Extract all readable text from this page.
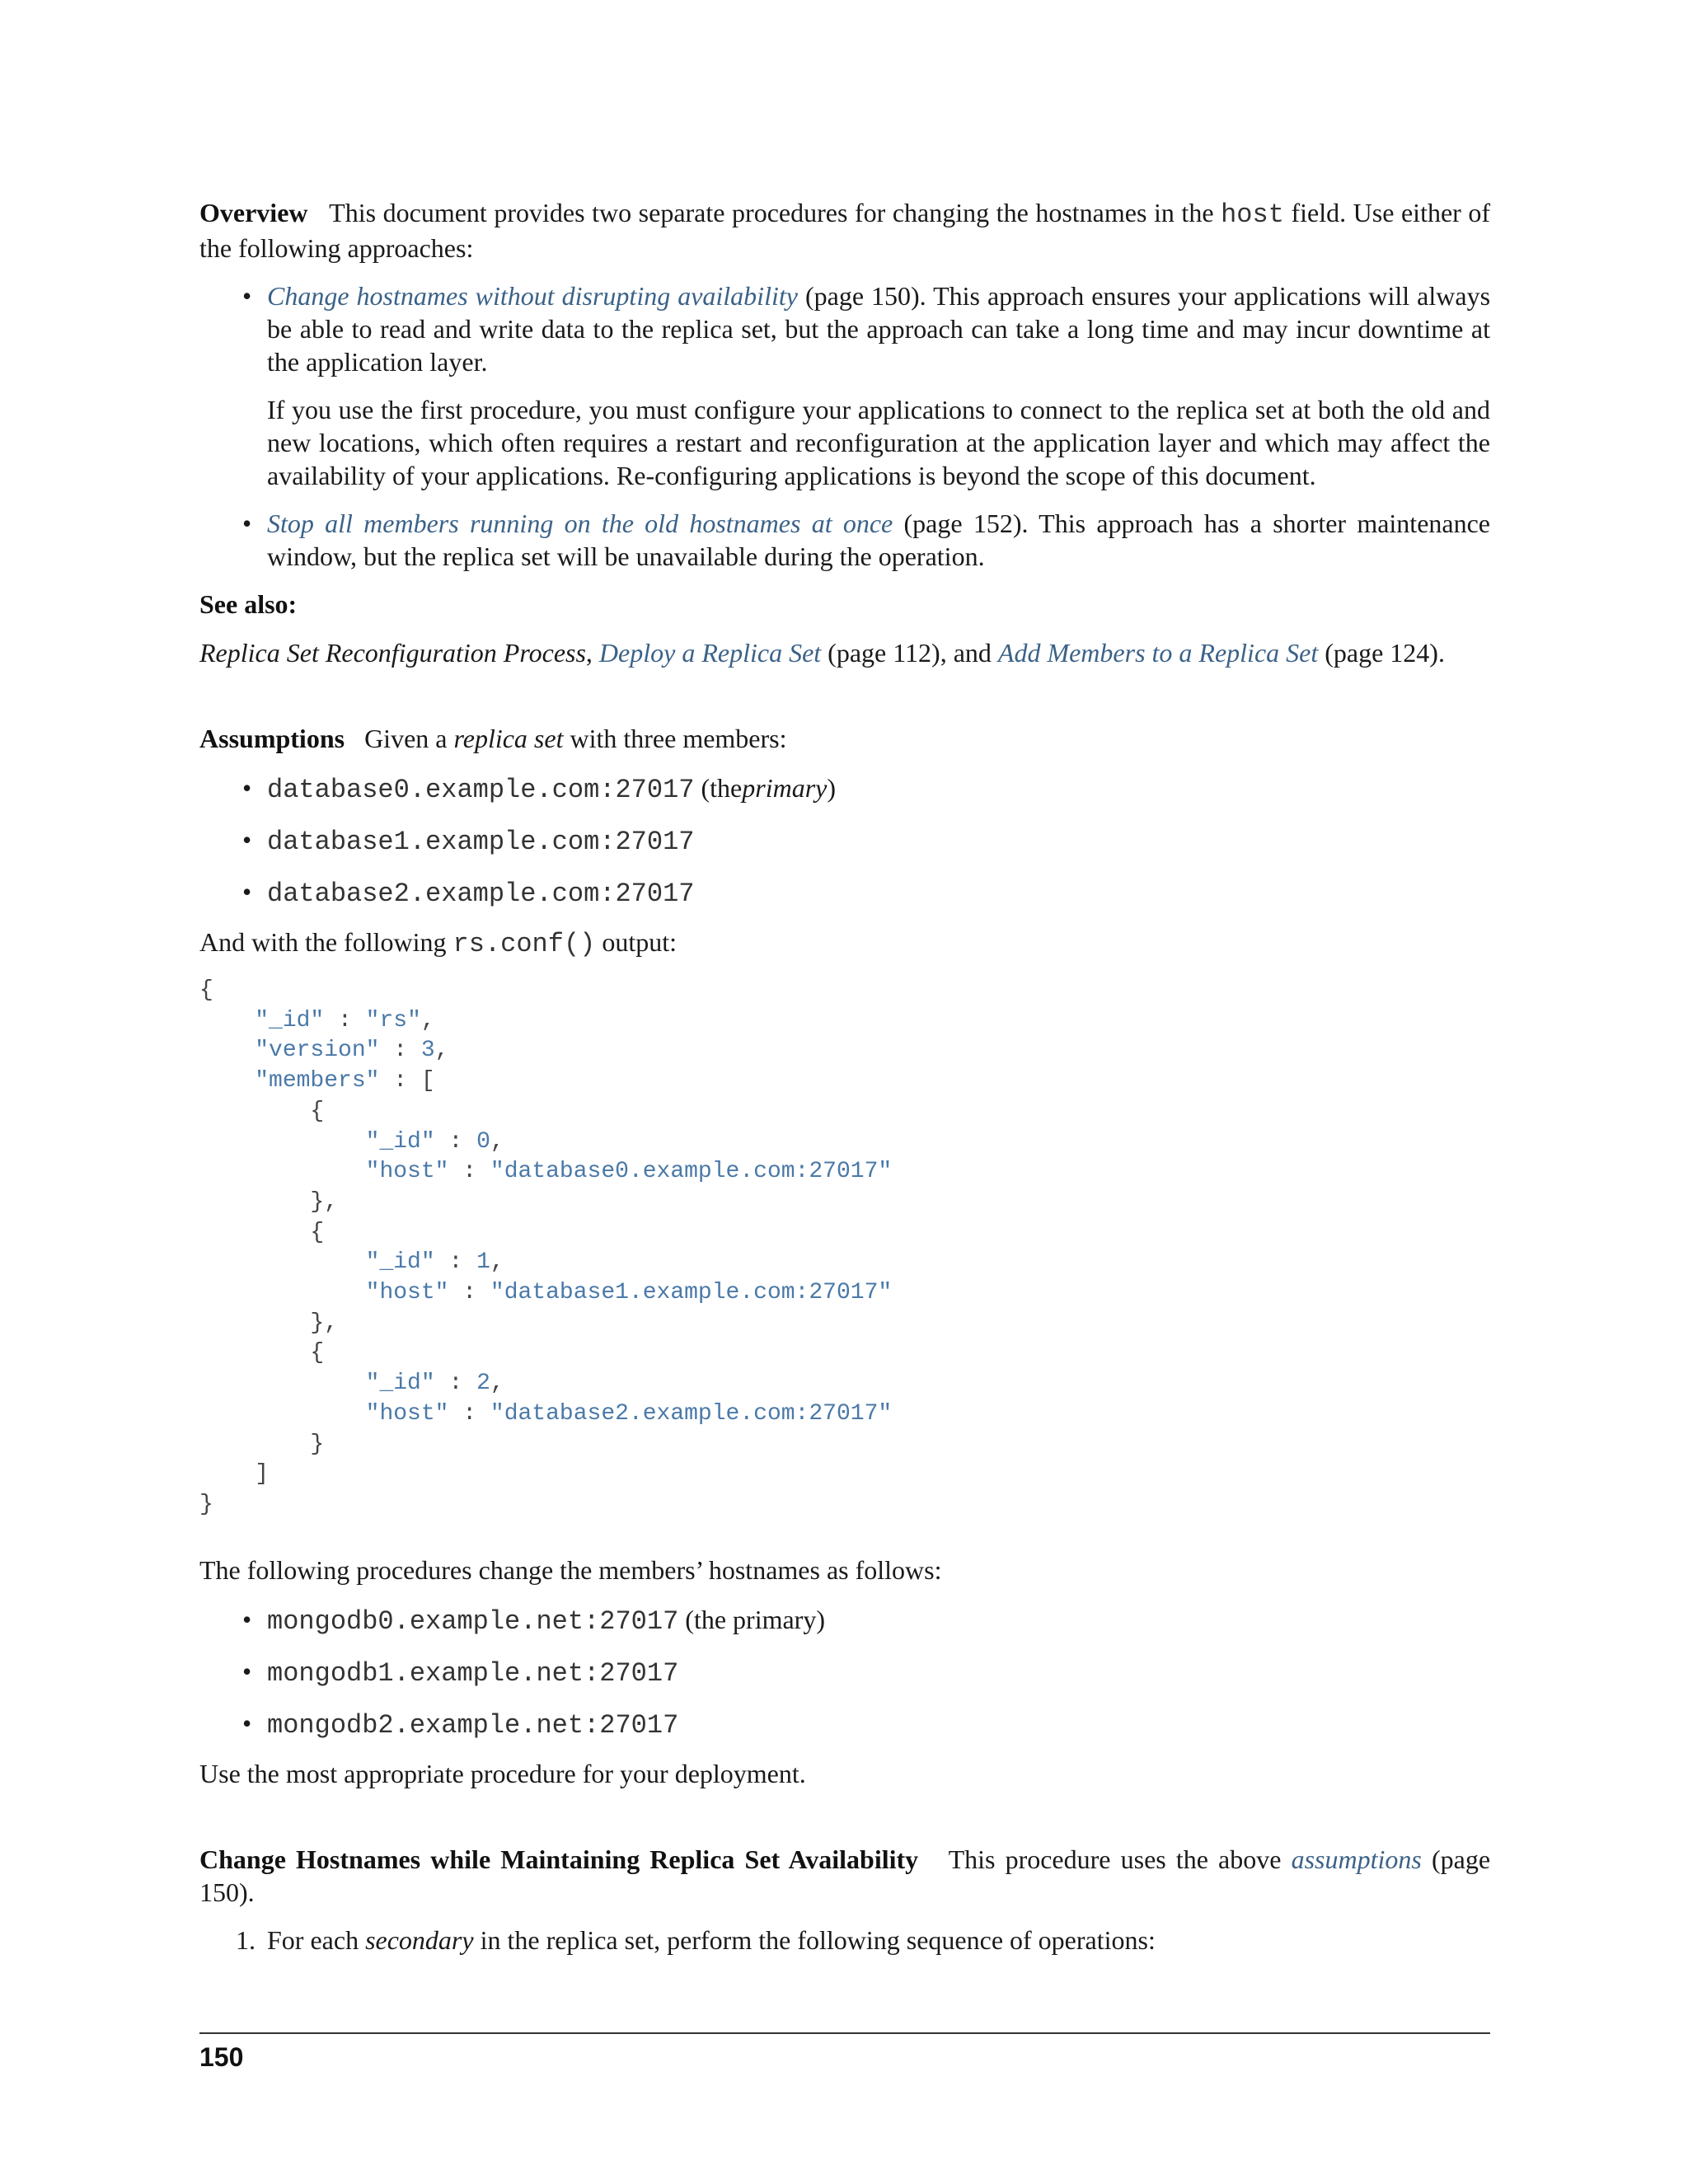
Overview This document provides two separate procedures for changing the hostnames in the host field. Use either of the following approaches:

• Change hostnames without disrupting availability (page 150). This approach ensures your applications will always be able to read and write data to the replica set, but the approach can take a long time and may incur downtime at the application layer.

If you use the first procedure, you must configure your applications to connect to the replica set at both the old and new locations, which often requires a restart and reconfiguration at the application layer and which may affect the availability of your applications. Re-configuring applications is beyond the scope of this document.

• Stop all members running on the old hostnames at once (page 152). This approach has a shorter maintenance window, but the replica set will be unavailable during the operation.

See also:

Replica Set Reconfiguration Process, Deploy a Replica Set (page 112), and Add Members to a Replica Set (page 124).

Assumptions Given a replica set with three members:

• database0.example.com:27017 (theprimary)
• database1.example.com:27017
• database2.example.com:27017

And with the following rs.conf() output:

{
"_id" : "rs",
"version" : 3,
"members" : [
{
"_id" : 0,
"host" : "database0.example.com:27017"
},
{
"_id" : 1,
"host" : "database1.example.com:27017"
},
{
"_id" : 2,
"host" : "database2.example.com:27017"
}
]
}

The following procedures change the members’ hostnames as follows:

• mongodb0.example.net:27017 (the primary)
• mongodb1.example.net:27017
• mongodb2.example.net:27017

Use the most appropriate procedure for your deployment.

Change Hostnames while Maintaining Replica Set Availability This procedure uses the above assumptions (page 150).

1. For each secondary in the replica set, perform the following sequence of operations:
150
